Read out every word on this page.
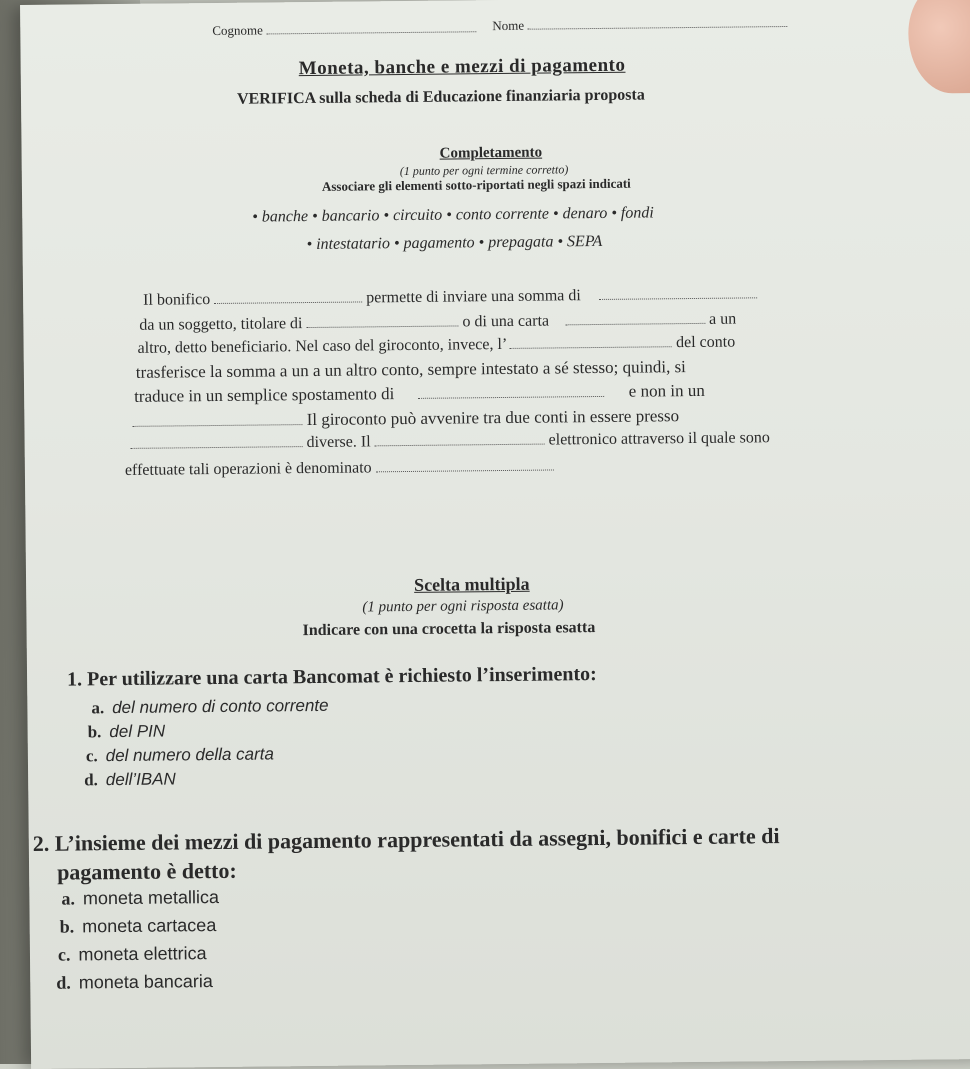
Cognome	Nome
Moneta, banche e mezzi di pagamento
VERIFICA sulla scheda di Educazione finanziaria proposta
Completamento
(1 punto per ogni termine corretto)
Associare gli elementi sotto-riportati negli spazi indicati
• banche • bancario • circuito • conto corrente • denaro • fondi
• intestatario • pagamento • prepagata • SEPA
Il bonifico	permette di inviare una somma di
da un soggetto, titolare di	o di una carta	a un
altro, detto beneficiario. Nel caso del giroconto, invece, l’	del conto
trasferisce la somma a un a un altro conto, sempre intestato a sé stesso; quindi, si
traduce in un semplice spostamento di	e non in un
Il giroconto può avvenire tra due conti in essere presso
diverse. Il	elettronico attraverso il quale sono
effettuate tali operazioni è denominato
Scelta multipla
(1 punto per ogni risposta esatta)
Indicare con una crocetta la risposta esatta
1. Per utilizzare una carta Bancomat è richiesto l’inserimento:
a. del numero di conto corrente
b. del PIN
c. del numero della carta
d. dell’IBAN
2. L’insieme dei mezzi di pagamento rappresentati da assegni, bonifici e carte di
pagamento è detto:
a. moneta metallica
b. moneta cartacea
c. moneta elettrica
d. moneta bancaria
